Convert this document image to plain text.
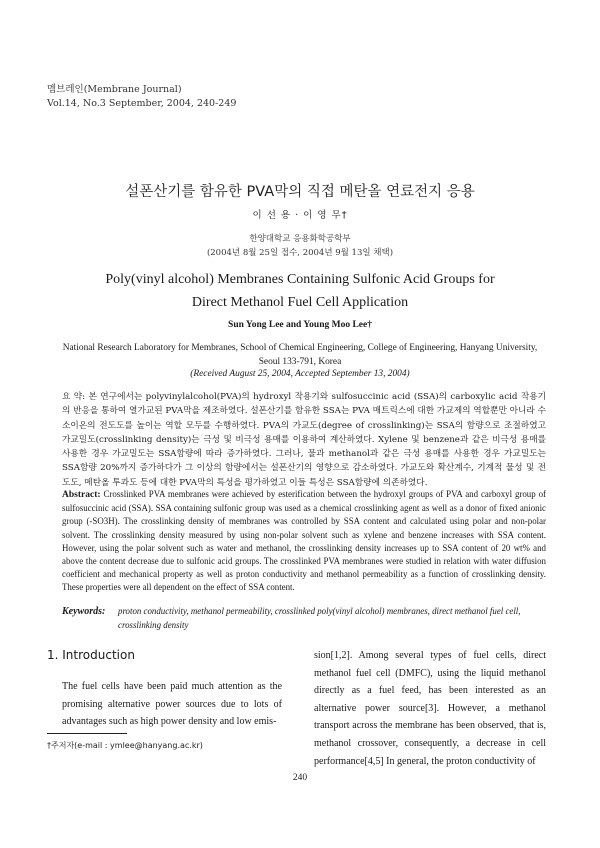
멤브레인(Membrane Journal)
Vol.14, No.3 September, 2004, 240-249
설폰산기를 함유한 PVA막의 직접 메탄올 연료전지 응용
이 선 용 · 이 영 무†
한양대학교 응용화학공학부
(2004년 8월 25일 접수, 2004년 9월 13일 채택)
Poly(vinyl alcohol) Membranes Containing Sulfonic Acid Groups for
Direct Methanol Fuel Cell Application
Sun Yong Lee and Young Moo Lee†
National Research Laboratory for Membranes, School of Chemical Engineering, College of Engineering, Hanyang University,
Seoul 133-791, Korea
(Received August 25, 2004, Accepted September 13, 2004)
요 약: 본 연구에서는 polyvinylalcohol(PVA)의 hydroxyl 작용기와 sulfosuccinic acid (SSA)의 carboxylic acid 작용기의 반응을 통하여 열가교된 PVA막을 제조하였다. 설폰산기를 함유한 SSA는 PVA 매트릭스에 대한 가교제의 역할뿐만 아니라 수소이온의 전도도를 높이는 역할 모두를 수행하였다. PVA의 가교도(degree of crosslinking)는 SSA의 함량으로 조절하였고 가교밀도(crosslinking density)는 극성 및 비극성 용매를 이용하여 계산하였다. Xylene 및 benzene과 같은 비극성 용매를 사용한 경우 가교밀도는 SSA함량에 따라 증가하였다. 그러나, 물과 methanol과 같은 극성 용매를 사용한 경우 가교밀도는 SSA함량 20%까지 증가하다가 그 이상의 함량에서는 설폰산기의 영향으로 감소하였다. 가교도와 확산계수, 기계적 물성 및 전도도, 메탄올 투과도 등에 대한 PVA막의 특성을 평가하였고 이들 특성은 SSA함량에 의존하였다.
Abstract: Crosslinked PVA membranes were achieved by esterification between the hydroxyl groups of PVA and carboxyl group of sulfosuccinic acid (SSA). SSA containing sulfonic group was used as a chemical crosslinking agent as well as a donor of fixed anionic group (-SO3H). The crosslinking density of membranes was controlled by SSA content and calculated using polar and non-polar solvent. The crosslinking density measured by using non-polar solvent such as xylene and benzene increases with SSA content. However, using the polar solvent such as water and methanol, the crosslinking density increases up to SSA content of 20 wt% and above the content decrease due to sulfonic acid groups. The crosslinked PVA membranes were studied in relation with water diffusion coefficient and mechanical property as well as proton conductivity and methanol permeability as a function of crosslinking density. These properties were all dependent on the effect of SSA content.
Keywords:	proton conductivity, methanol permeability, crosslinked poly(vinyl alcohol) membranes, direct methanol fuel cell, crosslinking density
1. Introduction
The fuel cells have been paid much attention as the promising alternative power sources due to lots of advantages such as high power density and low emis-
sion[1,2]. Among several types of fuel cells, direct methanol fuel cell (DMFC), using the liquid methanol directly as a fuel feed, has been interested as an alternative power source[3]. However, a methanol transport across the membrane has been observed, that is, methanol crossover, consequently, a decrease in cell performance[4,5] In general, the proton conductivity of
†주저자(e-mail : ymlee@hanyang.ac.kr)
240
